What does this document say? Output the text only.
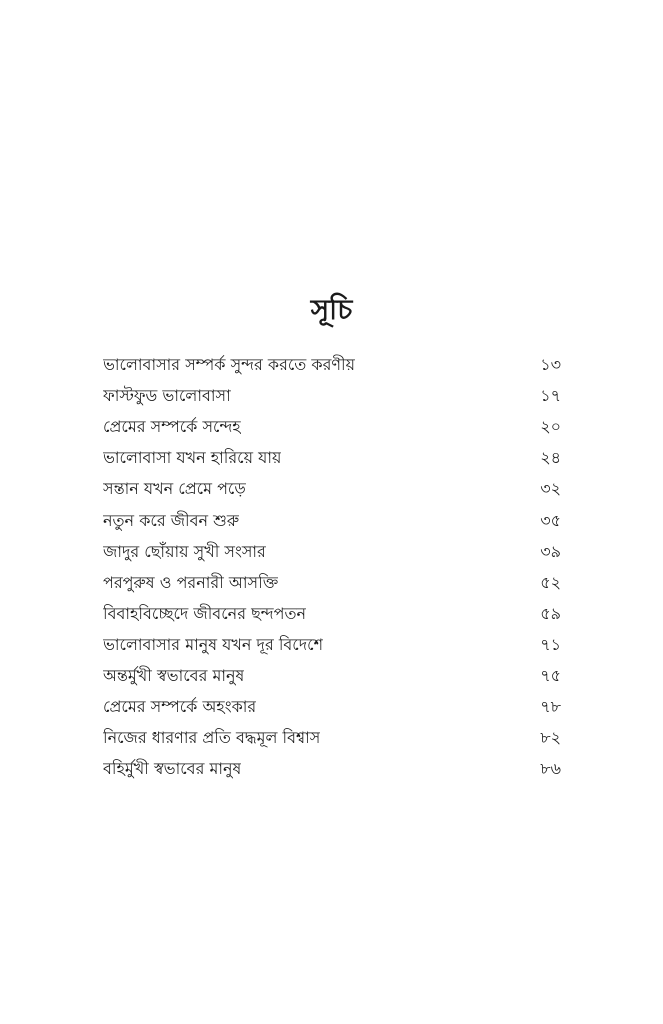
সূচি
ভালোবাসার সম্পর্ক সুন্দর করতে করণীয়	১৩
ফাস্টফুড ভালোবাসা	১৭
প্রেমের সম্পর্কে সন্দেহ	২০
ভালোবাসা যখন হারিয়ে যায়	২৪
সন্তান যখন প্রেমে পড়ে	৩২
নতুন করে জীবন শুরু	৩৫
জাদুর ছোঁয়ায় সুখী সংসার	৩৯
পরপুরুষ ও পরনারী আসক্তি	৫২
বিবাহবিচ্ছেদে জীবনের ছন্দপতন	৫৯
ভালোবাসার মানুষ যখন দূর বিদেশে	৭১
অন্তর্মুখী স্বভাবের মানুষ	৭৫
প্রেমের সম্পর্কে অহংকার	৭৮
নিজের ধারণার প্রতি বদ্ধমূল বিশ্বাস	৮২
বহির্মুখী স্বভাবের মানুষ	৮৬
